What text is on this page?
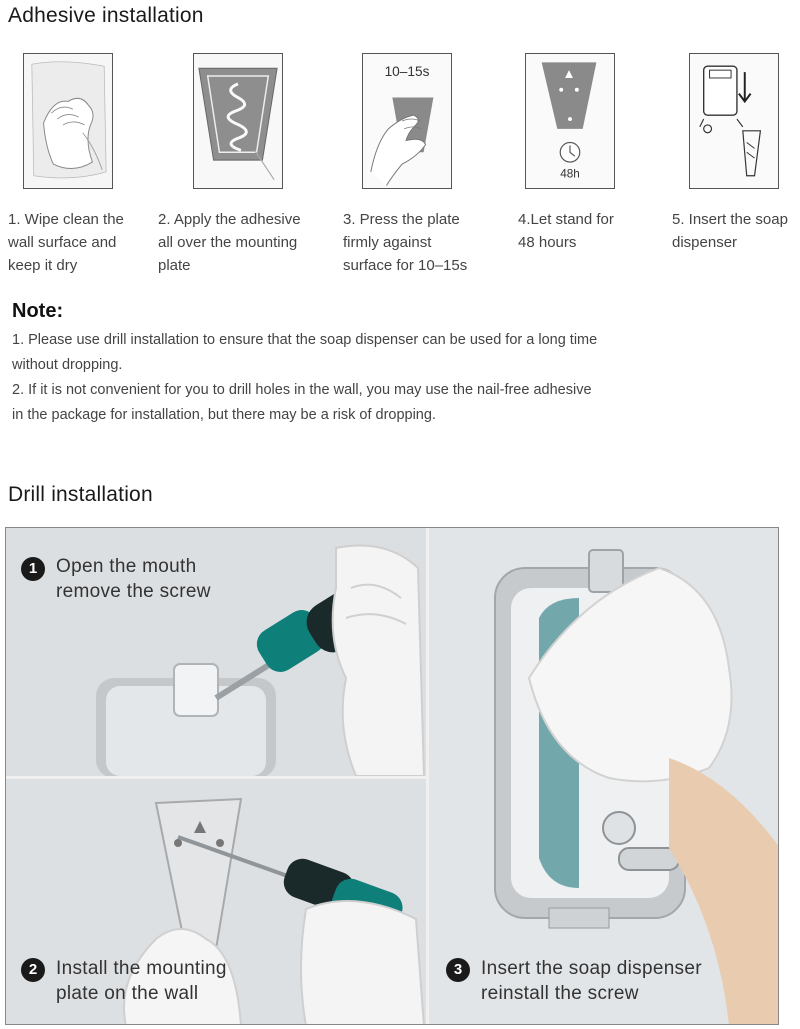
Adhesive installation
10–15s
48h
1. Wipe clean the
wall surface and
keep it dry
2. Apply the adhesive
all over the mounting
plate
3. Press the plate
firmly against
surface for 10–15s
4.Let stand for
48 hours
5. Insert the soap
dispenser
Note:
1. Please use drill installation to ensure that the soap dispenser can be used for a long time
without dropping.
2. If it is not convenient for you to drill holes in the wall, you may use the nail-free adhesive
in the package for installation, but there may be a risk of dropping.
Drill installation
1 Open the mouth
remove the screw
2 Install the mounting
plate on the wall
3 Insert the soap dispenser
reinstall the screw
